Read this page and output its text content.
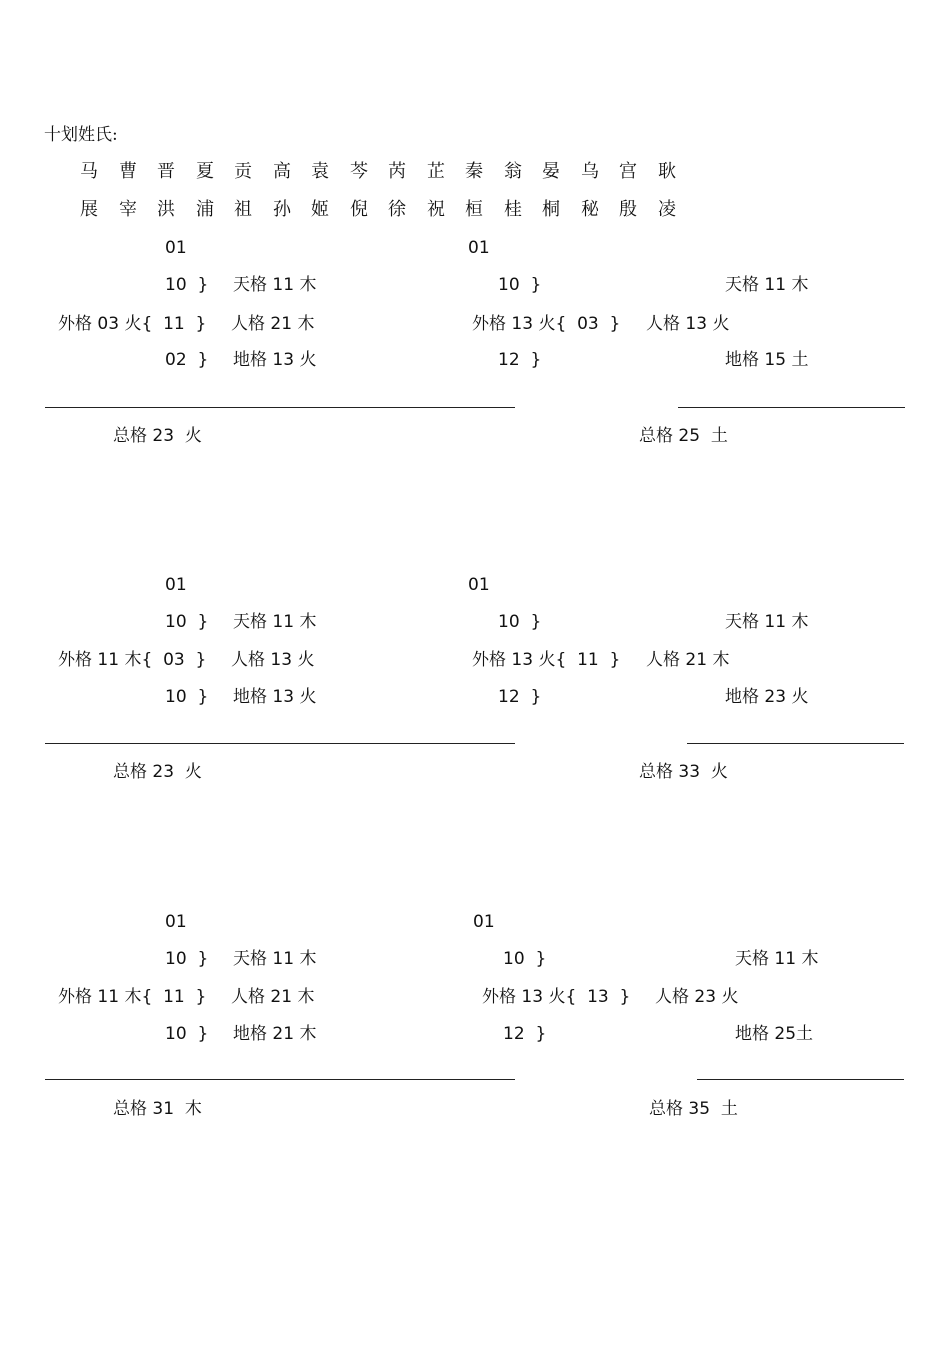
十划姓氏:
马 曹 晋 夏 贡 高 袁 芩 芮 芷 秦 翁 晏 乌 宫 耿
展 宰 洪 浦 祖 孙 姬 倪 徐 祝 桓 桂 桐 秘 殷 凌
01
10  } 天格 11 木
外格 03 火{  11  } 人格 21 木
02  } 地格 13 火
总格 23  火
01
10  }	天格 11 木
外格 13 火{  03  } 人格 13 火
12  }	地格 15 土
总格 25  土
01
10  } 天格 11 木
外格 11 木{  03  } 人格 13 火
10  } 地格 13 火
总格 23  火
01
10  }	天格 11 木
外格 13 火{  11  } 人格 21 木
12  }	地格 23 火
总格 33  火
01
10  } 天格 11 木
外格 11 木{  11  } 人格 21 木
10  } 地格 21 木
总格 31  木
01
10  }	天格 11 木
外格 13 火{  13  } 人格 23 火
12  }	地格 25土
总格 35  土
